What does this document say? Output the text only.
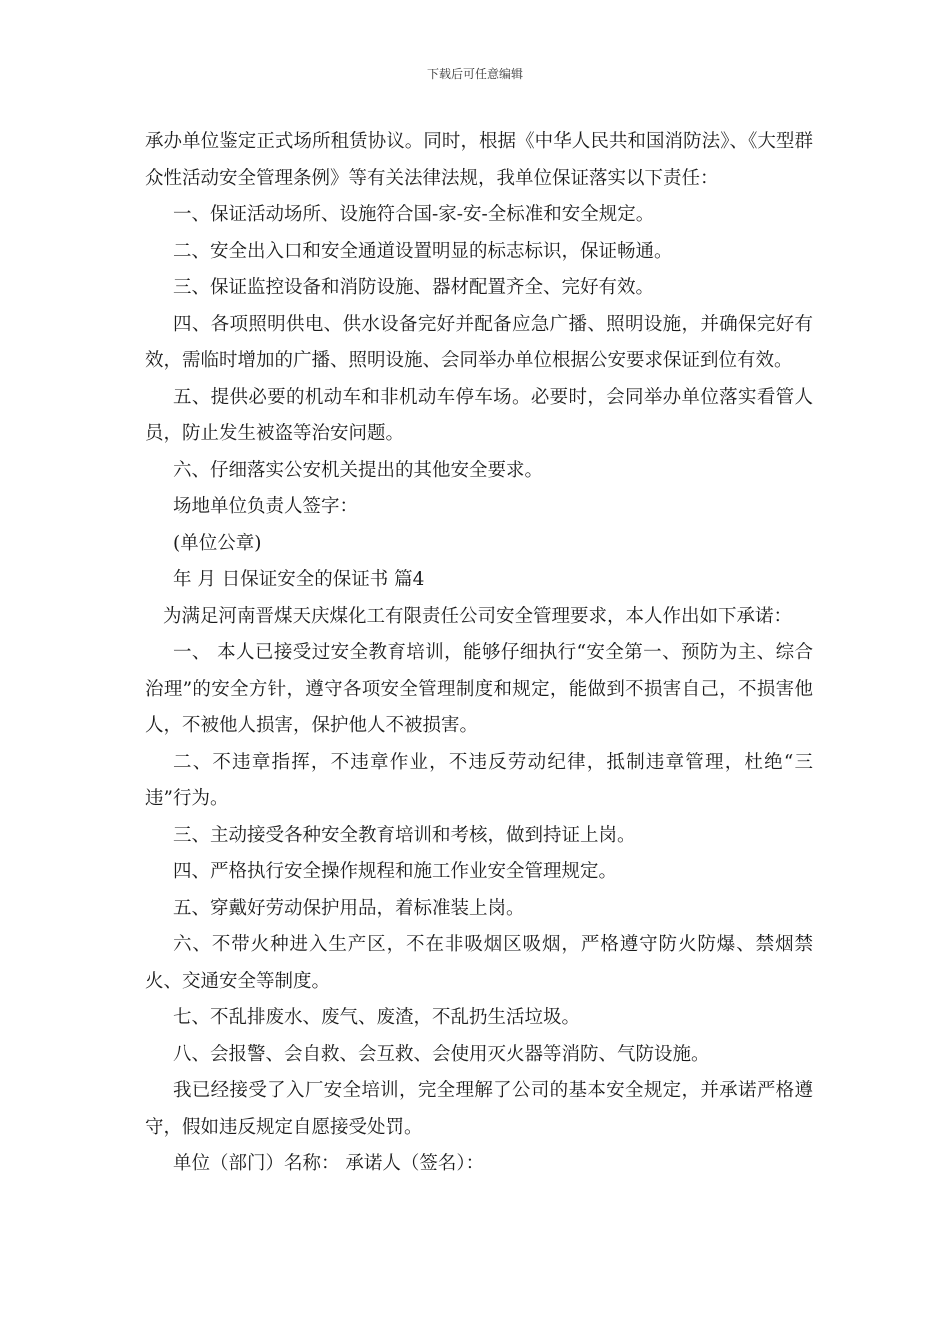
下载后可任意编辑

承办单位鉴定正式场所租赁协议。同时，根据《中华人民共和国消防法》、《大型群众性活动安全管理条例》等有关法律法规，我单位保证落实以下责任：

一、保证活动场所、设施符合国-家-安-全标准和安全规定。

二、安全出入口和安全通道设置明显的标志标识，保证畅通。

三、保证监控设备和消防设施、器材配置齐全、完好有效。

四、各项照明供电、供水设备完好并配备应急广播、照明设施，并确保完好有效，需临时增加的广播、照明设施、会同举办单位根据公安要求保证到位有效。

五、提供必要的机动车和非机动车停车场。必要时，会同举办单位落实看管人员，防止发生被盗等治安问题。

六、仔细落实公安机关提出的其他安全要求。

场地单位负责人签字：

(单位公章)

年 月 日保证安全的保证书 篇4

为满足河南晋煤天庆煤化工有限责任公司安全管理要求，本人作出如下承诺：

一、 本人已接受过安全教育培训，能够仔细执行“安全第一、预防为主、综合治理”的安全方针，遵守各项安全管理制度和规定，能做到不损害自己，不损害他人，不被他人损害，保护他人不被损害。

二、不违章指挥，不违章作业，不违反劳动纪律，抵制违章管理，杜绝“三违”行为。

三、主动接受各种安全教育培训和考核，做到持证上岗。

四、严格执行安全操作规程和施工作业安全管理规定。

五、穿戴好劳动保护用品，着标准装上岗。

六、不带火种进入生产区，不在非吸烟区吸烟，严格遵守防火防爆、禁烟禁火、交通安全等制度。

七、不乱排废水、废气、废渣，不乱扔生活垃圾。

八、会报警、会自救、会互救、会使用灭火器等消防、气防设施。

我已经接受了入厂安全培训，完全理解了公司的基本安全规定，并承诺严格遵守，假如违反规定自愿接受处罚。

单位（部门）名称： 承诺人（签名）：
